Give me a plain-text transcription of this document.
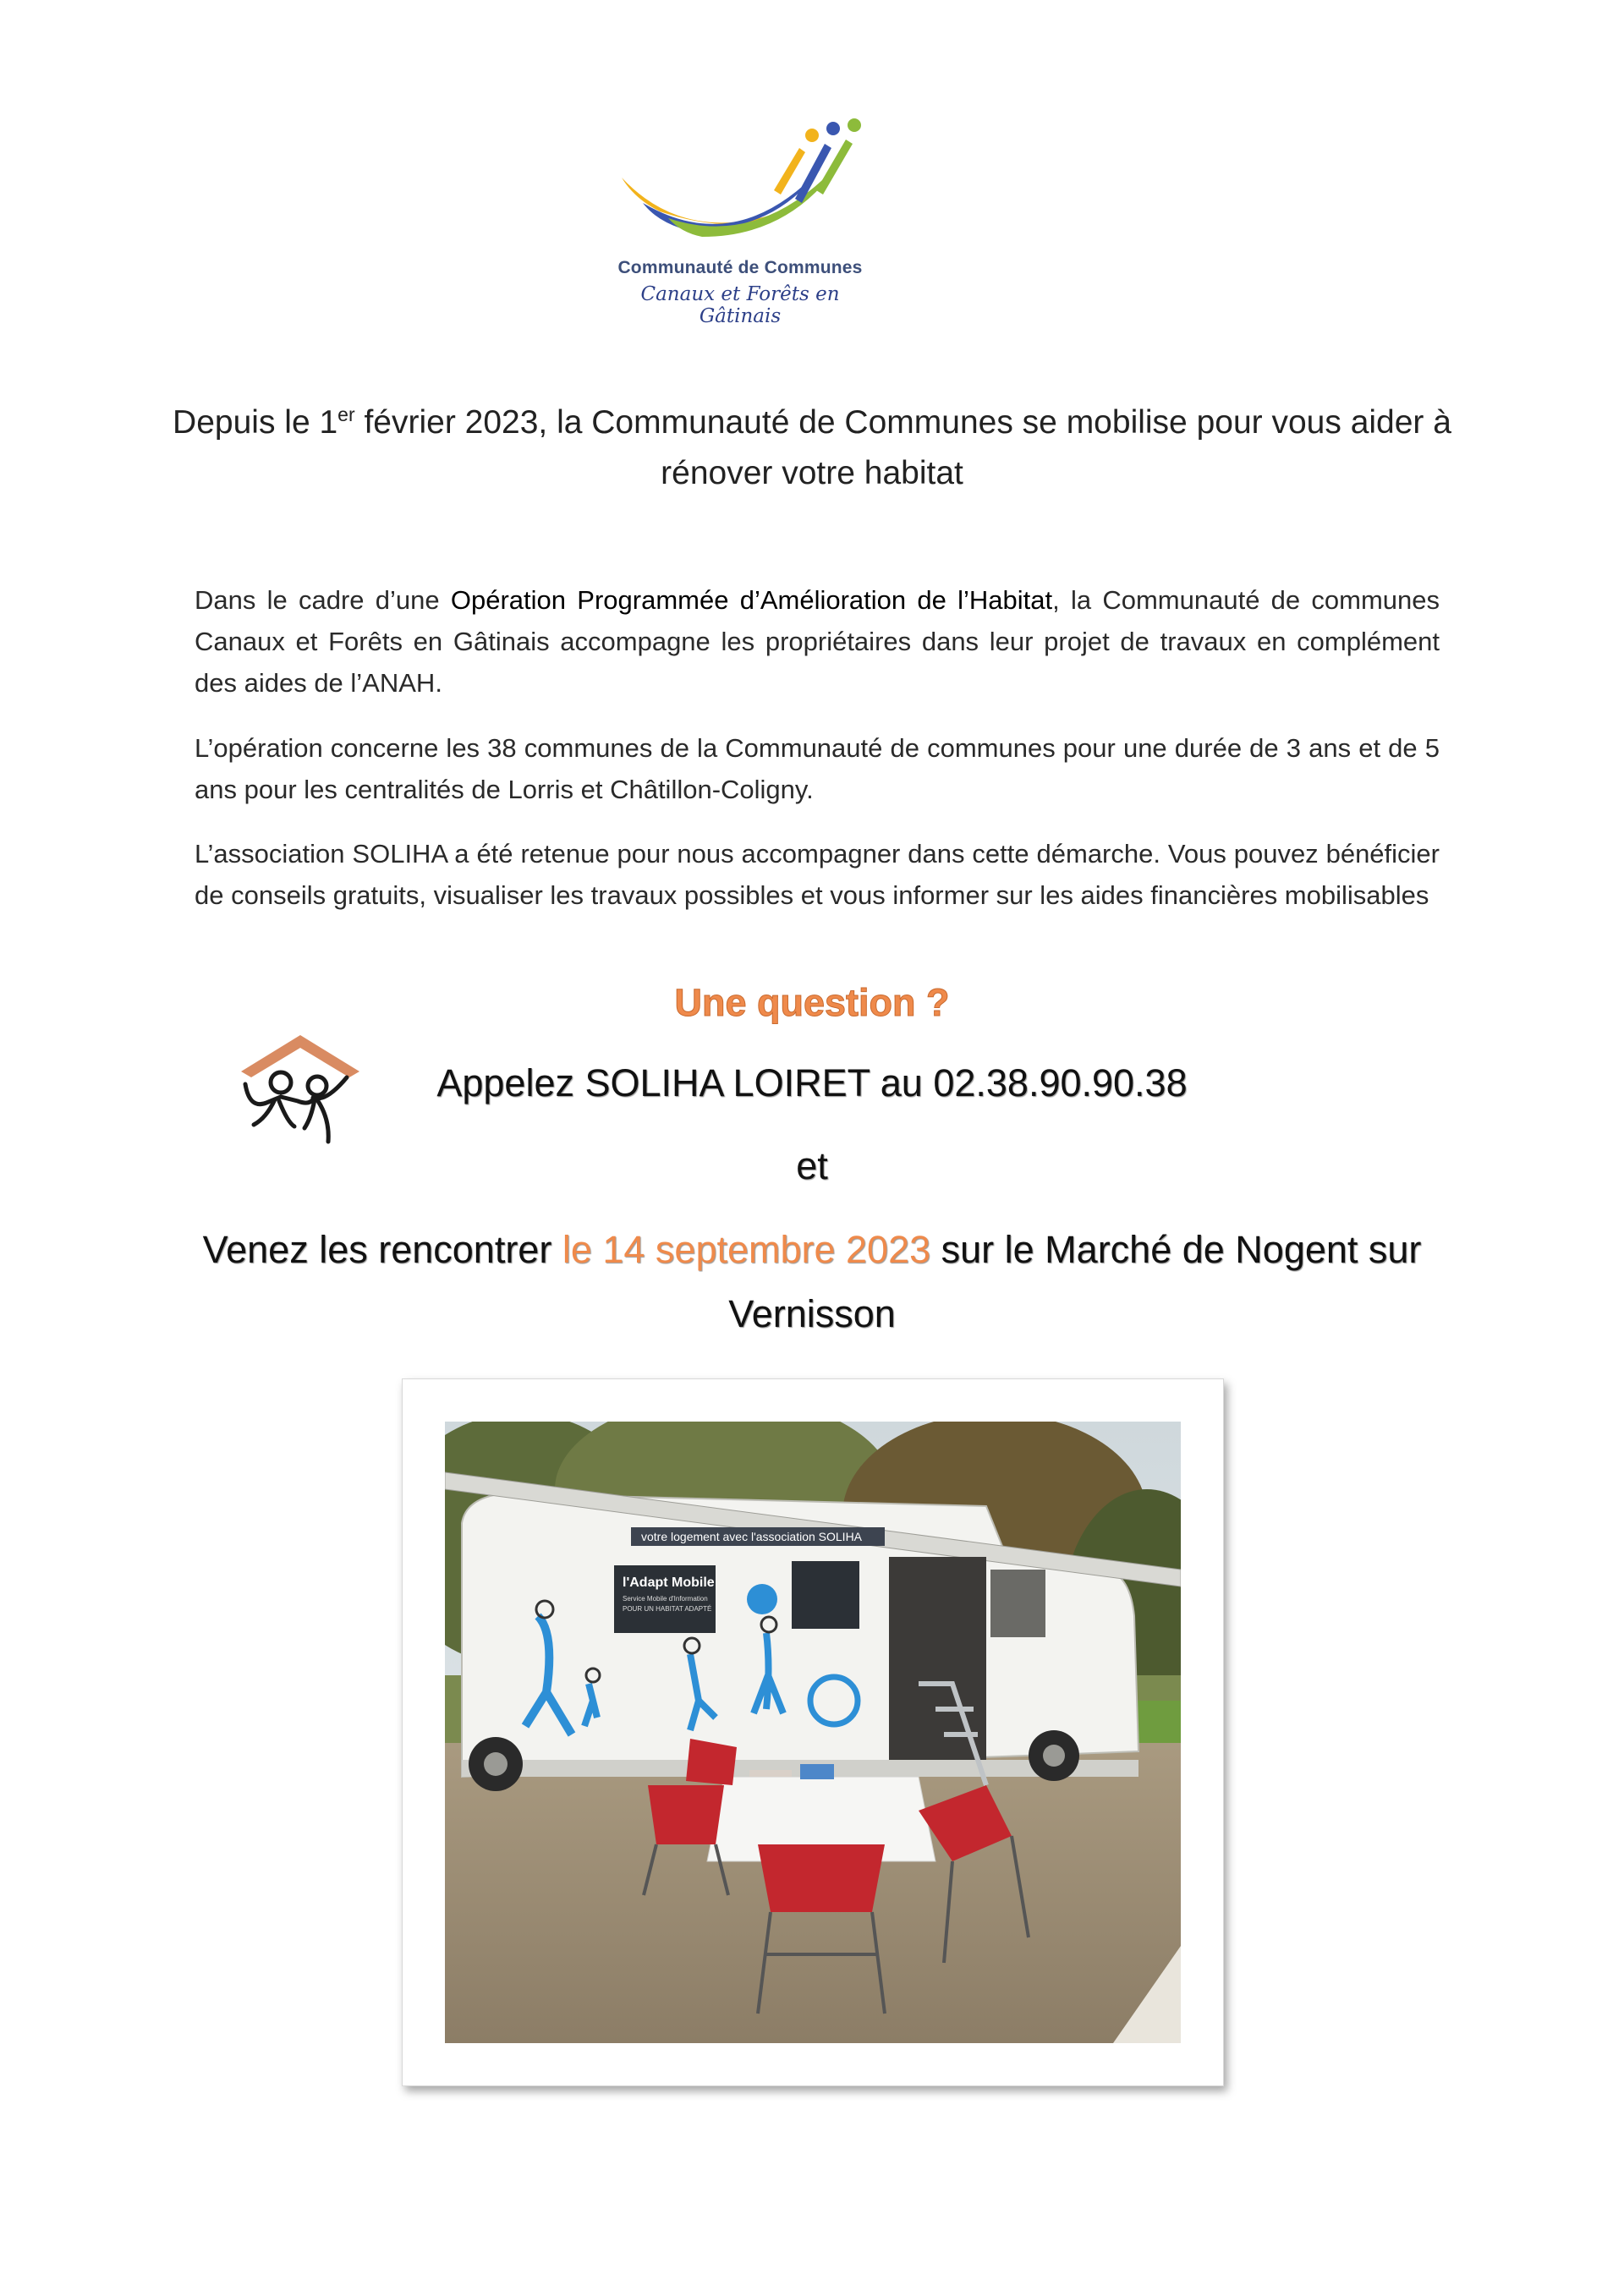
Communauté de Communes
Canaux et Forêts en Gâtinais
Depuis le 1er février 2023, la Communauté de Communes se mobilise pour vous aider à rénover votre habitat
Dans le cadre d’une Opération Programmée d’Amélioration de l’Habitat, la Communauté de communes Canaux et Forêts en Gâtinais accompagne les propriétaires dans leur projet de travaux en complément des aides de l’ANAH.
L’opération concerne les 38 communes de la Communauté de communes pour une durée de 3 ans et de 5 ans pour les centralités de Lorris et Châtillon-Coligny.
L’association SOLIHA a été retenue pour nous accompagner dans cette démarche. Vous pouvez bénéficier de conseils gratuits, visualiser les travaux possibles et vous informer sur les aides financières mobilisables
Une question ?
Appelez SOLIHA LOIRET au 02.38.90.90.38
et
Venez les rencontrer le 14 septembre 2023 sur le Marché de Nogent sur Vernisson
votre logement avec l'association SOLIHA
l'Adapt Mobile
Service Mobile d'Information
POUR UN HABITAT ADAPTÉ
